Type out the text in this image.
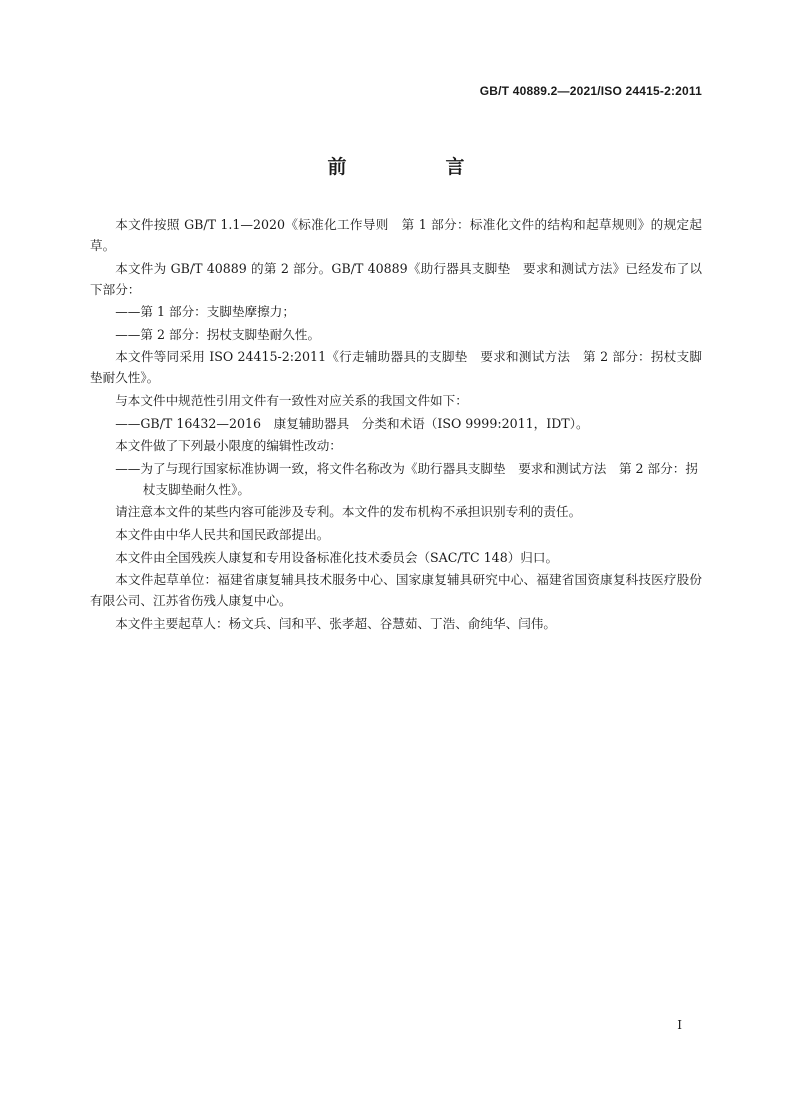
GB/T 40889.2—2021/ISO 24415-2:2011
前　言

本文件按照 GB/T 1.1—2020《标准化工作导则　第 1 部分：标准化文件的结构和起草规则》的规定起草。

本文件为 GB/T 40889 的第 2 部分。GB/T 40889《助行器具支脚垫　要求和测试方法》已经发布了以下部分：

——第 1 部分：支脚垫摩擦力；

——第 2 部分：拐杖支脚垫耐久性。

本文件等同采用 ISO 24415-2:2011《行走辅助器具的支脚垫　要求和测试方法　第 2 部分：拐杖支脚垫耐久性》。

与本文件中规范性引用文件有一致性对应关系的我国文件如下：

——GB/T 16432—2016　康复辅助器具　分类和术语（ISO 9999:2011，IDT）。

本文件做了下列最小限度的编辑性改动：

——为了与现行国家标准协调一致，将文件名称改为《助行器具支脚垫　要求和测试方法　第 2 部分：拐杖支脚垫耐久性》。

请注意本文件的某些内容可能涉及专利。本文件的发布机构不承担识别专利的责任。

本文件由中华人民共和国民政部提出。

本文件由全国残疾人康复和专用设备标准化技术委员会（SAC/TC 148）归口。

本文件起草单位：福建省康复辅具技术服务中心、国家康复辅具研究中心、福建省国资康复科技医疗股份有限公司、江苏省伤残人康复中心。

本文件主要起草人：杨文兵、闫和平、张孝超、谷慧茹、丁浩、俞纯华、闫伟。

I
